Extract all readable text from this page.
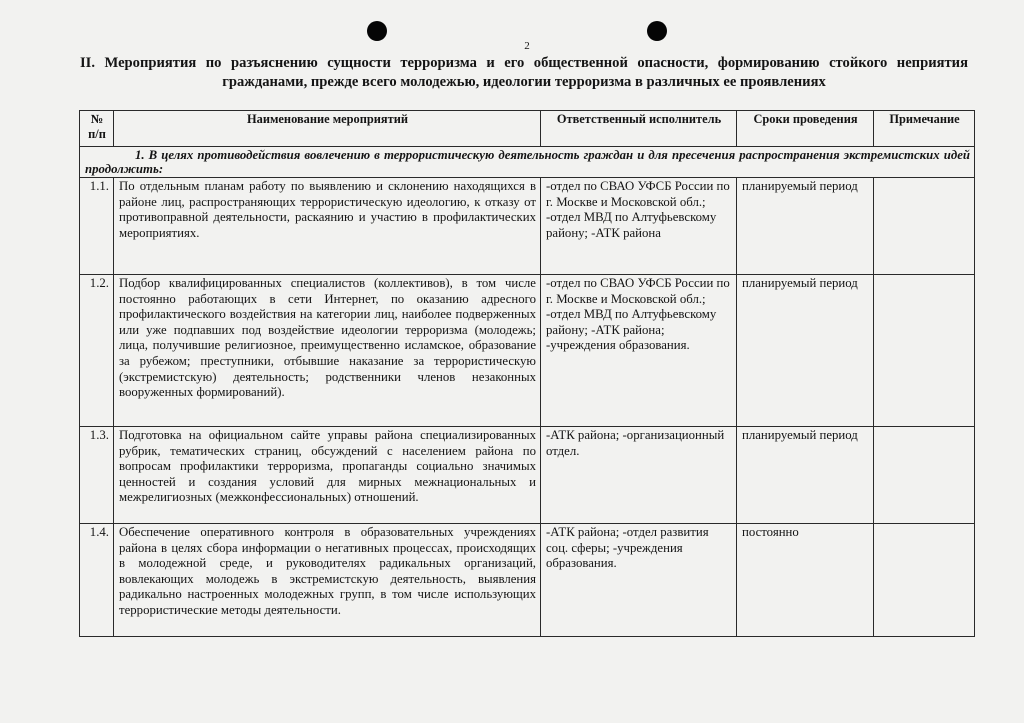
2
II. Мероприятия по разъяснению сущности терроризма и его общественной опасности, формированию стойкого неприятия гражданами, прежде всего молодежью, идеологии терроризма в различных ее проявлениях
№ п/п	Наименование мероприятий	Ответственный исполнитель	Сроки проведения	Примечание
1. В целях противодействия вовлечению в террористическую деятельность граждан и для пресечения распространения экстремистских идей продолжить:				
1.1.	По отдельным планам работу по выявлению и склонению находящихся в районе лиц, распространяющих террористическую идеологию, к отказу от противоправной деятельности, раскаянию и участию в профилактических мероприятиях.	-отдел по СВАО УФСБ России по г. Москве и Московской обл.; -отдел МВД по Алтуфьевскому району; -АТК района	планируемый период	
1.2.	Подбор квалифицированных специалистов (коллективов), в том числе постоянно работающих в сети Интернет, по оказанию адресного профилактического воздействия на категории лиц, наиболее подверженных или уже подпавших под воздействие идеологии терроризма (молодежь; лица, получившие религиозное, преимущественно исламское, образование за рубежом; преступники, отбывшие наказание за террористическую (экстремистскую) деятельность; родственники членов незаконных вооруженных формирований).	-отдел по СВАО УФСБ России по г. Москве и Московской обл.; -отдел МВД по Алтуфьевскому району; -АТК района; -учреждения образования.	планируемый период	
1.3.	Подготовка на официальном сайте управы района специализированных рубрик, тематических страниц, обсуждений с населением района по вопросам профилактики терроризма, пропаганды социально значимых ценностей и создания условий для мирных межнациональных и межрелигиозных (межконфессиональных) отношений.	-АТК района; -организационный отдел.	планируемый период	
1.4.	Обеспечение оперативного контроля в образовательных учреждениях района в целях сбора информации о негативных процессах, происходящих в молодежной среде, и руководителях радикальных организаций, вовлекающих молодежь в экстремистскую деятельность, выявления радикально настроенных молодежных групп, в том числе использующих террористические методы деятельности.	-АТК района; -отдел развития соц. сферы; -учреждения образования.	постоянно	
